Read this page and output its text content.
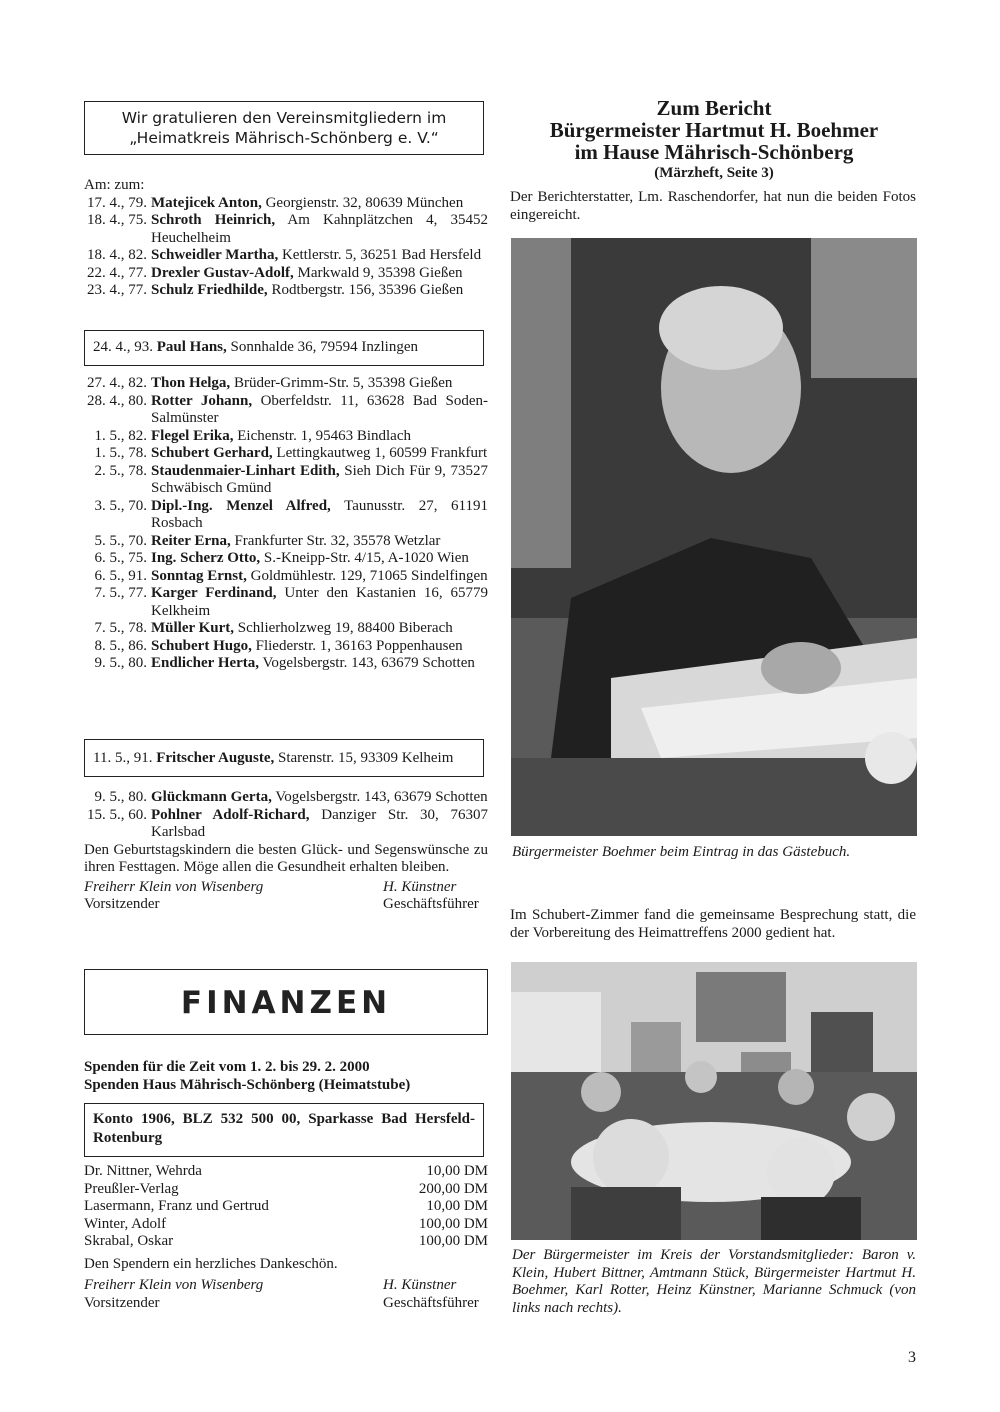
Wir gratulieren den Vereinsmitgliedern im
„Heimatkreis Mährisch-Schönberg e. V.“
Am: zum:
17. 4., 79. Matejicek Anton, Georgienstr. 32, 80639 München
18. 4., 75. Schroth Heinrich, Am Kahnplätzchen 4, 35452 Heuchelheim
18. 4., 82. Schweidler Martha, Kettlerstr. 5, 36251 Bad Hersfeld
22. 4., 77. Drexler Gustav-Adolf, Markwald 9, 35398 Gießen
23. 4., 77. Schulz Friedhilde, Rodtbergstr. 156, 35396 Gießen
24. 4., 93. Paul Hans, Sonnhalde 36, 79594 Inzlingen
27. 4., 82. Thon Helga, Brüder-Grimm-Str. 5, 35398 Gießen
28. 4., 80. Rotter Johann, Oberfeldstr. 11, 63628 Bad Soden-Salmünster
1. 5., 82. Flegel Erika, Eichenstr. 1, 95463 Bindlach
1. 5., 78. Schubert Gerhard, Lettingkautweg 1, 60599 Frankfurt
2. 5., 78. Staudenmaier-Linhart Edith, Sieh Dich Für 9, 73527 Schwäbisch Gmünd
3. 5., 70. Dipl.-Ing. Menzel Alfred, Taunusstr. 27, 61191 Rosbach
5. 5., 70. Reiter Erna, Frankfurter Str. 32, 35578 Wetzlar
6. 5., 75. Ing. Scherz Otto, S.-Kneipp-Str. 4/15, A-1020 Wien
6. 5., 91. Sonntag Ernst, Goldmühlestr. 129, 71065 Sindelfingen
7. 5., 77. Karger Ferdinand, Unter den Kastanien 16, 65779 Kelkheim
7. 5., 78. Müller Kurt, Schlierholzweg 19, 88400 Biberach
8. 5., 86. Schubert Hugo, Fliederstr. 1, 36163 Poppenhausen
9. 5., 80. Endlicher Herta, Vogelsbergstr. 143, 63679 Schotten
11. 5., 91. Fritscher Auguste, Starenstr. 15, 93309 Kelheim
9. 5., 80. Glückmann Gerta, Vogelsbergstr. 143, 63679 Schotten
15. 5., 60. Pohlner Adolf-Richard, Danziger Str. 30, 76307 Karlsbad
Den Geburtstagskindern die besten Glück- und Segenswünsche zu ihren Festtagen. Möge allen die Gesundheit erhalten bleiben.
Freiherr Klein von Wisenberg
Vorsitzender
H. Künstner
Geschäftsführer
FINANZEN
Spenden für die Zeit vom 1. 2. bis 29. 2. 2000
Spenden Haus Mährisch-Schönberg (Heimatstube)
Konto 1906, BLZ 532 500 00, Sparkasse Bad Hersfeld-Rotenburg
Dr. Nittner, Wehrda	10,00 DM
Preußler-Verlag	200,00 DM
Lasermann, Franz und Gertrud	10,00 DM
Winter, Adolf	100,00 DM
Skrabal, Oskar	100,00 DM
Den Spendern ein herzliches Dankeschön.
Freiherr Klein von Wisenberg
Vorsitzender
H. Künstner
Geschäftsführer
Zum Bericht
Bürgermeister Hartmut H. Boehmer
im Hause Mährisch-Schönberg
(Märzheft, Seite 3)
Der Berichterstatter, Lm. Raschendorfer, hat nun die beiden Fotos eingereicht.
Bürgermeister Boehmer beim Eintrag in das Gästebuch.
Im Schubert-Zimmer fand die gemeinsame Besprechung statt, die der Vorbereitung des Heimattreffens 2000 gedient hat.
Der Bürgermeister im Kreis der Vorstandsmitglieder: Baron v. Klein, Hubert Bittner, Amtmann Stück, Bürgermeister Hartmut H. Boehmer, Karl Rotter, Heinz Künstner, Marianne Schmuck (von links nach rechts).
3
